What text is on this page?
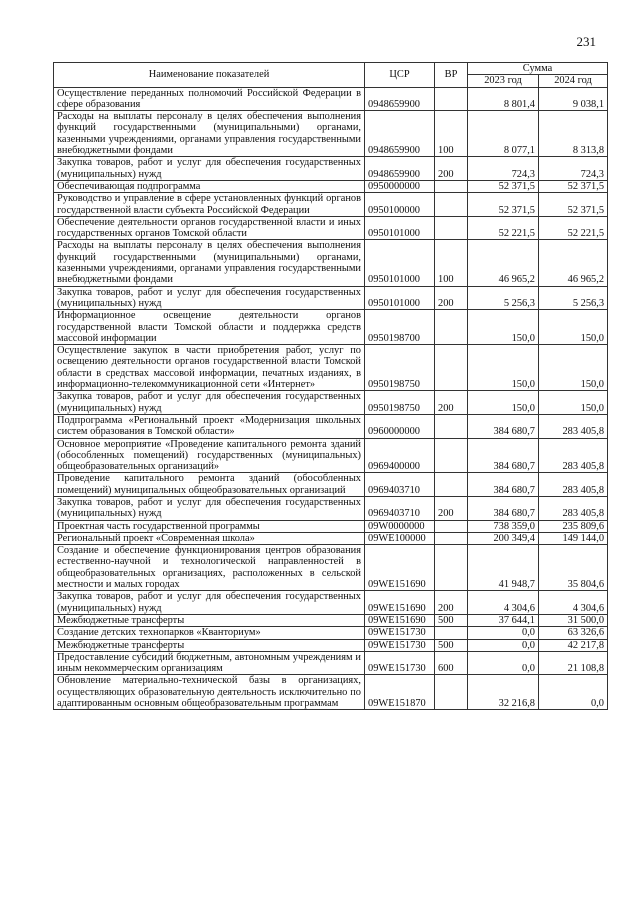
231
Наименование показателей	ЦСР	ВР	Сумма	
			2023 год	2024 год
Осуществление переданных полномочий Российской Федерации в сфере образования	0948659900		8 801,4	9 038,1
Расходы на выплаты персоналу в целях обеспечения выполнения функций государственными (муниципальными) органами, казенными учреждениями, органами управления государственными внебюджетными фондами	0948659900	100	8 077,1	8 313,8
Закупка товаров, работ и услуг для обеспечения государственных (муниципальных) нужд	0948659900	200	724,3	724,3
Обеспечивающая подпрограмма	0950000000		52 371,5	52 371,5
Руководство и управление в сфере установленных функций органов государственной власти субъекта Российской Федерации	0950100000		52 371,5	52 371,5
Обеспечение деятельности органов государственной власти и иных государственных органов Томской области	0950101000		52 221,5	52 221,5
Расходы на выплаты персоналу в целях обеспечения выполнения функций государственными (муниципальными) органами, казенными учреждениями, органами управления государственными внебюджетными фондами	0950101000	100	46 965,2	46 965,2
Закупка товаров, работ и услуг для обеспечения государственных (муниципальных) нужд	0950101000	200	5 256,3	5 256,3
Информационное освещение деятельности органов государственной власти Томской области и поддержка средств массовой информации	0950198700		150,0	150,0
Осуществление закупок в части приобретения работ, услуг по освещению деятельности органов государственной власти Томской области в средствах массовой информации, печатных изданиях, в информационно-телекоммуникационной сети «Интернет»	0950198750		150,0	150,0
Закупка товаров, работ и услуг для обеспечения государственных (муниципальных) нужд	0950198750	200	150,0	150,0
Подпрограмма «Региональный проект «Модернизация школьных систем образования в Томской области»	0960000000		384 680,7	283 405,8
Основное мероприятие «Проведение капитального ремонта зданий (обособленных помещений) государственных (муниципальных) общеобразовательных организаций»	0969400000		384 680,7	283 405,8
Проведение капитального ремонта зданий (обособленных помещений) муниципальных общеобразовательных организаций	0969403710		384 680,7	283 405,8
Закупка товаров, работ и услуг для обеспечения государственных (муниципальных) нужд	0969403710	200	384 680,7	283 405,8
Проектная часть государственной программы	09W0000000		738 359,0	235 809,6
Региональный проект «Современная школа»	09WE100000		200 349,4	149 144,0
Создание и обеспечение функционирования центров образования естественно-научной и технологической направленностей в общеобразовательных организациях, расположенных в сельской местности и малых городах	09WE151690		41 948,7	35 804,6
Закупка товаров, работ и услуг для обеспечения государственных (муниципальных) нужд	09WE151690	200	4 304,6	4 304,6
Межбюджетные трансферты	09WE151690	500	37 644,1	31 500,0
Создание детских технопарков «Кванториум»	09WE151730		0,0	63 326,6
Межбюджетные трансферты	09WE151730	500	0,0	42 217,8
Предоставление субсидий бюджетным, автономным учреждениям и иным некоммерческим организациям	09WE151730	600	0,0	21 108,8
Обновление материально-технической базы в организациях, осуществляющих образовательную деятельность исключительно по адаптированным основным общеобразовательным программам	09WE151870		32 216,8	0,0
